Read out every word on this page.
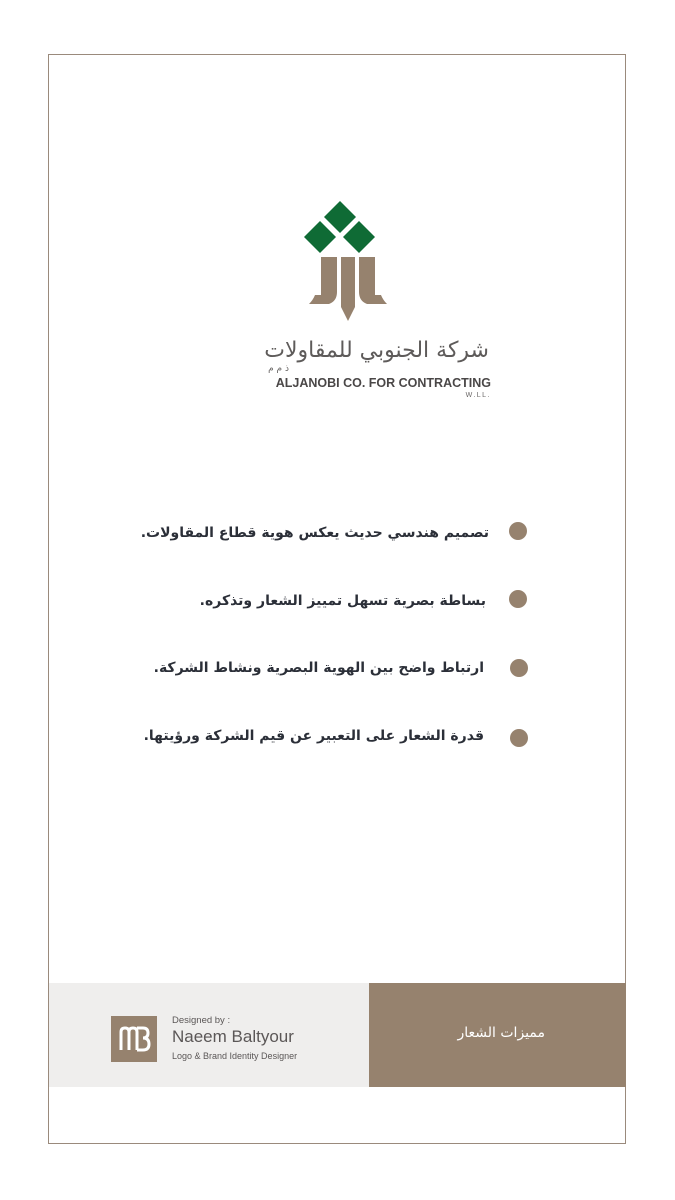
شركة الجنوبي للمقاولات
ذ م م
ALJANOBI CO. FOR CONTRACTING
W.LL.
تصميم هندسي حديث يعكس هوية قطاع المقاولات.
بساطة بصرية تسهل تمييز الشعار وتذكره.
ارتباط واضح بين الهوية البصرية ونشاط الشركة.
قدرة الشعار على التعبير عن قيم الشركة ورؤيتها.
Designed by :
Naeem Baltyour
Logo & Brand Identity Designer
مميزات الشعار
